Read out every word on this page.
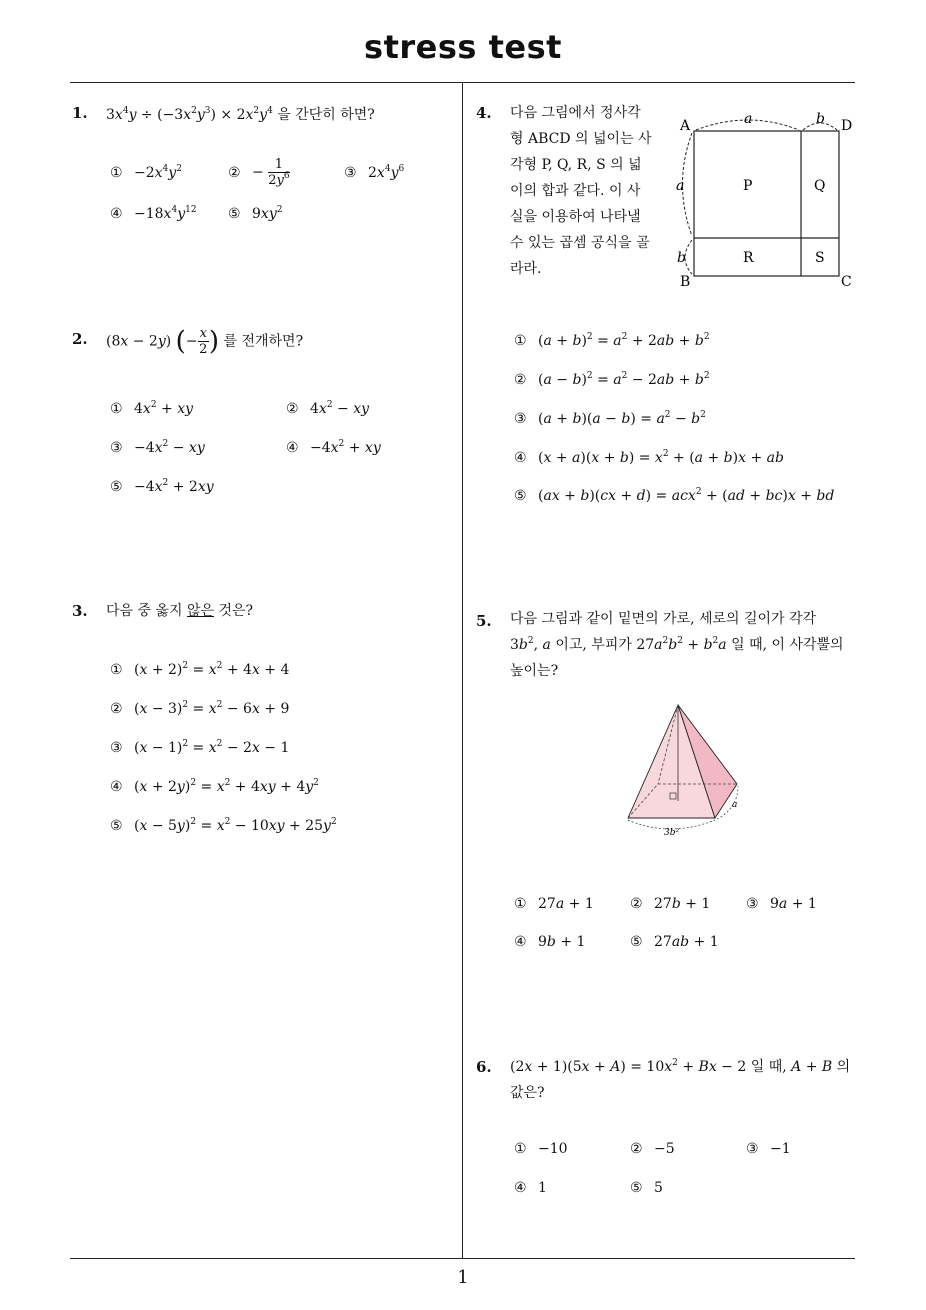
stress test
1
1. $3x^4y \div (-3x^2y^3) \times 2x^2y^4$ 을 간단히 하면?
① $-2x^4y^2$	② − $\frac{1}{2y^6}$	③ $2x^4y^6$
④ $-18x^4y^{12}$ ⑤ $9xy^2$
2. (8x − 2y) (− $\frac{x}{2}$ ) 를 전개하면?
① $4x^2$ + xy	② $4x^2$ − xy
③ $-4x^2$ − xy	④ $-4x^2$ + xy
⑤ $-4x^2 + 2xy$
3. 다음 중 옳지 않은 것은?
① $(x + 2)^2 = x^2 + 4x + 4$
② $(x - 3)^2 = x^2 - 6x + 9$
③ $(x - 1)^2 = x^2 - 2x - 1$
④ $(x + 2y)^2 = x^2 + 4xy + 4y^2$
⑤ $(x - 5y)^2 = x^2 - 10xy + 25y^2$
4. 다음 그림에서 정사각
형 ABCD 의 넓이는 사
각형 P, Q, R, S 의 넓
이의 합과 같다. 이 사
실을 이용하여 나타낼
수 있는 곱셈 공식을 골
라라.
A
B	C
D
P	Q
R	S
a	b
a
b
① $(a + b)^2 = a^2 + 2ab + b^2$
② $(a - b)^2 = a^2 - 2ab + b^2$
③ $(a + b)(a - b) = a^2 - b^2$
④ $(x + a)(x + b) = x^2 + (a + b)x$ + ab
⑤ (ax + b)(cx + d) = acx$^2$ + (ad + bc)x + bd
5. 다음 그림과 같이 밑면의 가로, 세로의 길이가 각각
$3b^2$, a 이고, 부피가 $27a^2b^2 + b^2a$ 일 때, 이 사각뿔의
높이는?
3b²
a
① 27a + 1	② 27b + 1	③ 9a + 1
④ 9b + 1	⑤ 27ab + 1
6. $(2x + 1)(5x + A) = 10x^2 + Bx - 2$ 일 때, A + B 의
값은?
① −10	② −5	③ −1
④ 1	⑤ 5
